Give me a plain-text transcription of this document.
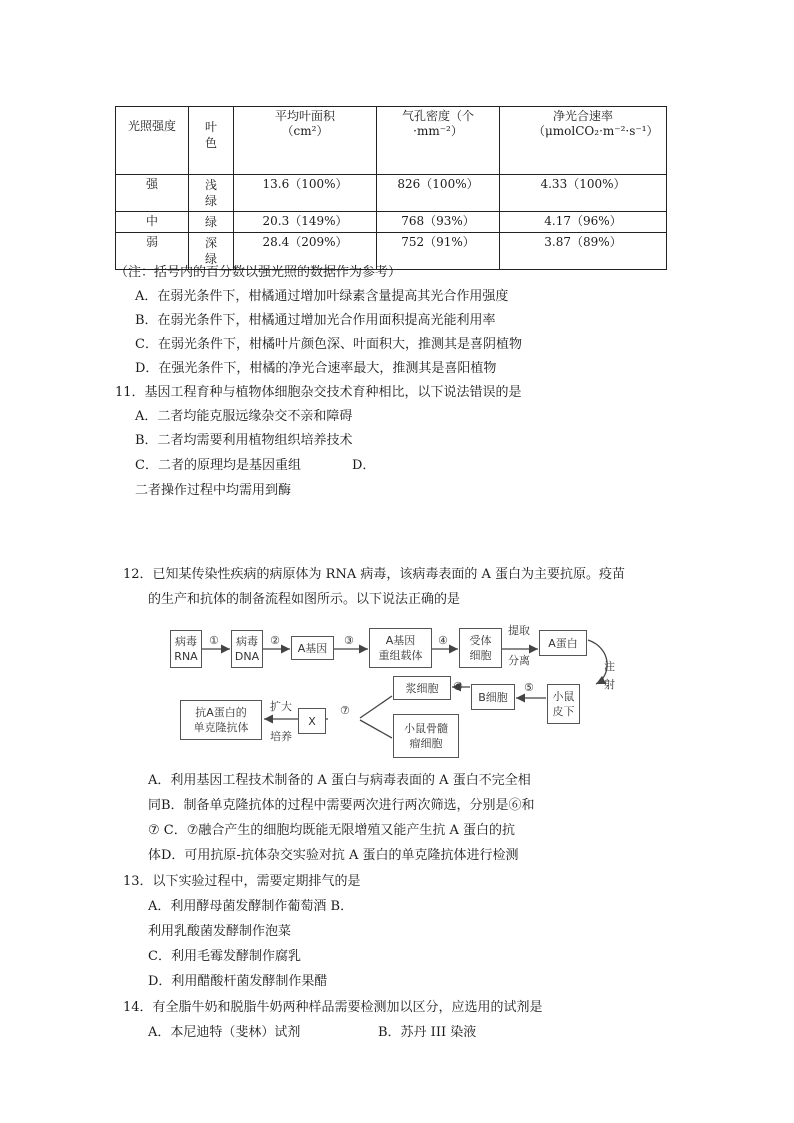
光照强度	叶色	平均叶面积（cm²）	气孔密度（个·mm⁻²）	净光合速率（μmolCO₂·m⁻²·s⁻¹）

强	浅绿	13.6（100%）	826（100%）	4.33（100%）
中	绿	20.3（149%）	768（93%）	4.17（96%）
弱	深绿	28.4（209%）	752（91%）	3.87（89%）
（注：括号内的百分数以强光照的数据作为参考）
A．在弱光条件下，柑橘通过增加叶绿素含量提高其光合作用强度
B．在弱光条件下，柑橘通过增加光合作用面积提高光能利用率
C．在弱光条件下，柑橘叶片颜色深、叶面积大，推测其是喜阴植物
D．在强光条件下，柑橘的净光合速率最大，推测其是喜阳植物
11．基因工程育种与植物体细胞杂交技术育种相比，以下说法错误的是
A．二者均能克服远缘杂交不亲和障碍
B．二者均需要利用植物组织培养技术
C．二者的原理均是基因重组	D．
二者操作过程中均需用到酶
12．已知某传染性疾病的病原体为 RNA 病毒，该病毒表面的 A 蛋白为主要抗原。疫苗
的生产和抗体的制备流程如图所示。以下说法正确的是
病毒
RNA
病毒
DNA
A基因
A基因
重组载体
受体
细胞
A蛋白
小鼠
皮下
B细胞
浆细胞
小鼠骨髓
瘤细胞
X
抗A蛋白的
单克隆抗体
①	②	③	④
提取
分离	注
射
⑤
⑥
⑦
扩大
培养
A．利用基因工程技术制备的 A 蛋白与病毒表面的 A 蛋白不完全相
同B．制备单克隆抗体的过程中需要两次进行两次筛选，分别是⑥和
⑦ C．⑦融合产生的细胞均既能无限增殖又能产生抗 A 蛋白的抗
体D．可用抗原-抗体杂交实验对抗 A 蛋白的单克隆抗体进行检测
13．以下实验过程中，需要定期排气的是
A．利用酵母菌发酵制作葡萄酒 B．
利用乳酸菌发酵制作泡菜
C．利用毛霉发酵制作腐乳
D．利用醋酸杆菌发酵制作果醋
14．有全脂牛奶和脱脂牛奶两种样品需要检测加以区分，应选用的试剂是
A．本尼迪特（斐林）试剂	B．苏丹 III 染液
